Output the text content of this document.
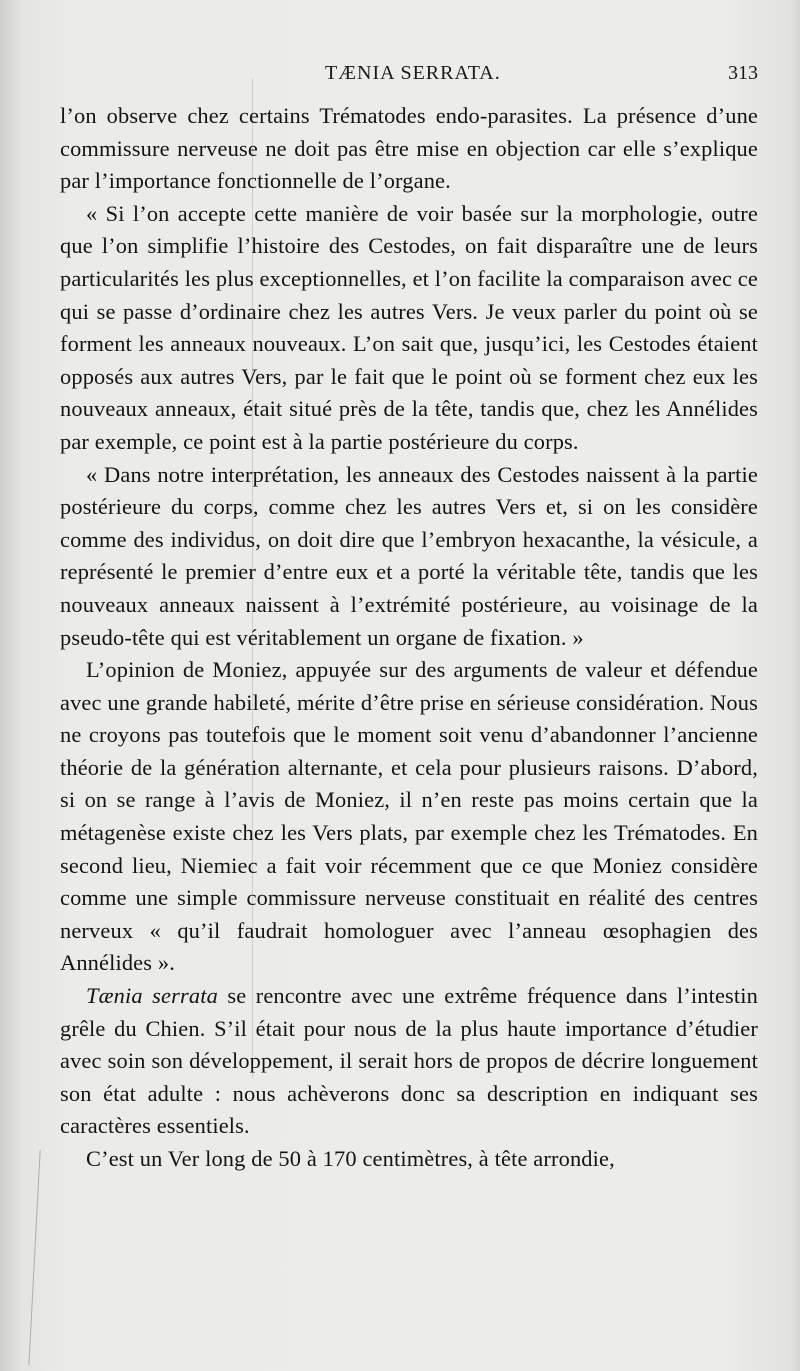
TÆNIA SERRATA.	313

l’on observe chez certains Trématodes endo-parasites. La présence d’une commissure nerveuse ne doit pas être mise en objection car elle s’explique par l’importance fonctionnelle de l’organe.

« Si l’on accepte cette manière de voir basée sur la morphologie, outre que l’on simplifie l’histoire des Cestodes, on fait disparaître une de leurs particularités les plus exceptionnelles, et l’on facilite la comparaison avec ce qui se passe d’ordinaire chez les autres Vers. Je veux parler du point où se forment les anneaux nouveaux. L’on sait que, jusqu’ici, les Cestodes étaient opposés aux autres Vers, par le fait que le point où se forment chez eux les nouveaux anneaux, était situé près de la tête, tandis que, chez les Annélides par exemple, ce point est à la partie postérieure du corps.

« Dans notre interprétation, les anneaux des Cestodes naissent à la partie postérieure du corps, comme chez les autres Vers et, si on les considère comme des individus, on doit dire que l’embryon hexacanthe, la vésicule, a représenté le premier d’entre eux et a porté la véritable tête, tandis que les nouveaux anneaux naissent à l’extrémité postérieure, au voisinage de la pseudo-tête qui est véritablement un organe de fixation. »

L’opinion de Moniez, appuyée sur des arguments de valeur et défendue avec une grande habileté, mérite d’être prise en sérieuse considération. Nous ne croyons pas toutefois que le moment soit venu d’abandonner l’ancienne théorie de la génération alternante, et cela pour plusieurs raisons. D’abord, si on se range à l’avis de Moniez, il n’en reste pas moins certain que la métagenèse existe chez les Vers plats, par exemple chez les Trématodes. En second lieu, Niemiec a fait voir récemment que ce que Moniez considère comme une simple commissure nerveuse constituait en réalité des centres nerveux « qu’il faudrait homologuer avec l’anneau œsophagien des Annélides ».

Tænia serrata se rencontre avec une extrême fréquence dans l’intestin grêle du Chien. S’il était pour nous de la plus haute importance d’étudier avec soin son développement, il serait hors de propos de décrire longuement son état adulte : nous achèverons donc sa description en indiquant ses caractères essentiels.

C’est un Ver long de 50 à 170 centimètres, à tête arrondie,
